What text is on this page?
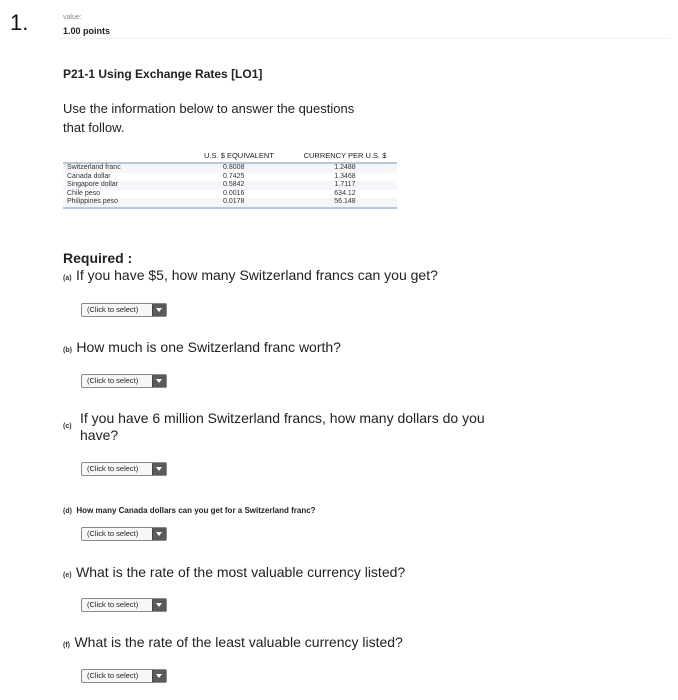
1.	value:
1.00 points
P21-1 Using Exchange Rates [LO1]
Use the information below to answer the questions that follow.
	U.S. $ EQUIVALENT	CURRENCY PER U.S. $
Switzerland franc	0.8008	1.2488
Canada dollar	0.7425	1.3468
Singapore dollar	0.5842	1.7117
Chile peso	0.0016	634.12
Philippines peso	0.0178	56.148

Required :
(a) If you have $5, how many Switzerland francs can you get?
(Click to select)
(b) How much is one Switzerland franc worth?
(Click to select)
(c)
If you have 6 million Switzerland francs, how many dollars do you
have?
(Click to select)
(d) How many Canada dollars can you get for a Switzerland franc?
(Click to select)
(e) What is the rate of the most valuable currency listed?
(Click to select)
(f) What is the rate of the least valuable currency listed?
(Click to select)
